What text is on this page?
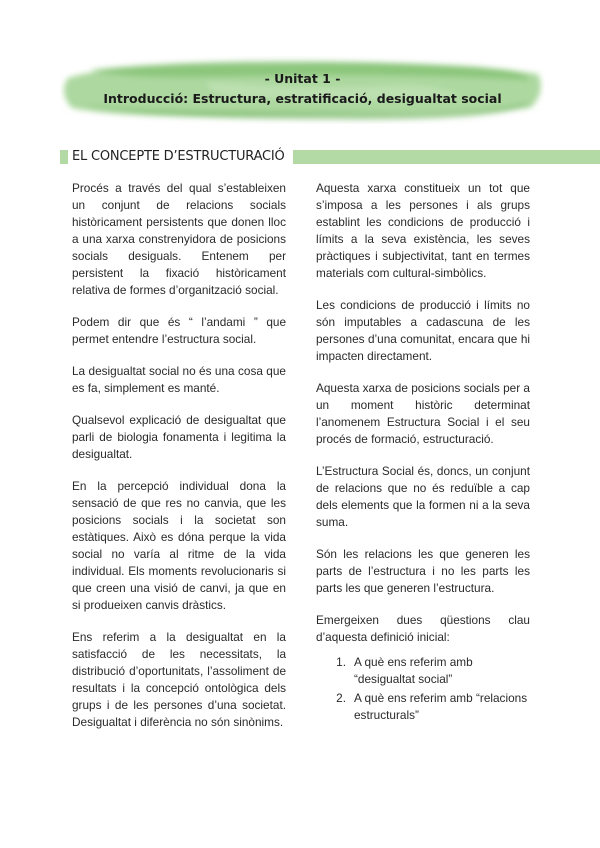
- Unitat 1 -
Introducció: Estructura, estratificació, desigualtat social
EL CONCEPTE D’ESTRUCTURACIÓ

Procés a través del qual s’estableixen un conjunt de relacions socials històricament persistents que donen lloc a una xarxa constrenyidora de posicions socials desiguals. Entenem per persistent la fixació històricament relativa de formes d’organització social.

Podem dir que és “ l’andami ” que permet entendre l’estructura social.

La desigualtat social no és una cosa que es fa, simplement es manté.

Qualsevol explicació de desigualtat que parli de biologia fonamenta i legitima la desigualtat.

En la percepció individual dona la sensació de que res no canvia, que les posicions socials i la societat son estàtiques. Això es dóna perque la vida social no varía al ritme de la vida individual. Els moments revolucionaris si que creen una visió de canvi, ja que en si produeixen canvis dràstics.

Ens referim a la desigualtat en la satisfacció de les necessitats, la distribució d’oportunitats, l’assoliment de resultats i la concepció ontològica dels grups i de les persones d’una societat. Desigualtat i diferència no són sinònims.

Aquesta xarxa constitueix un tot que s’imposa a les persones i als grups establint les condicions de producció i límits a la seva existència, les seves pràctiques i subjectivitat, tant en termes materials com cultural-simbòlics.

Les condicions de producció i límits no són imputables a cadascuna de les persones d’una comunitat, encara que hi impacten directament.

Aquesta xarxa de posicions socials per a un moment històric determinat l’anomenem Estructura Social i el seu procés de formació, estructuració.

L’Estructura Social és, doncs, un conjunt de relacions que no és reduïble a cap dels elements que la formen ni a la seva suma.

Són les relacions les que generen les parts de l’estructura i no les parts les parts les que generen l’estructura.

Emergeixen dues qüestions clau d’aquesta definició inicial:

1. A què ens referim amb “desigualtat social”
2. A què ens referim amb “relacions estructurals”
